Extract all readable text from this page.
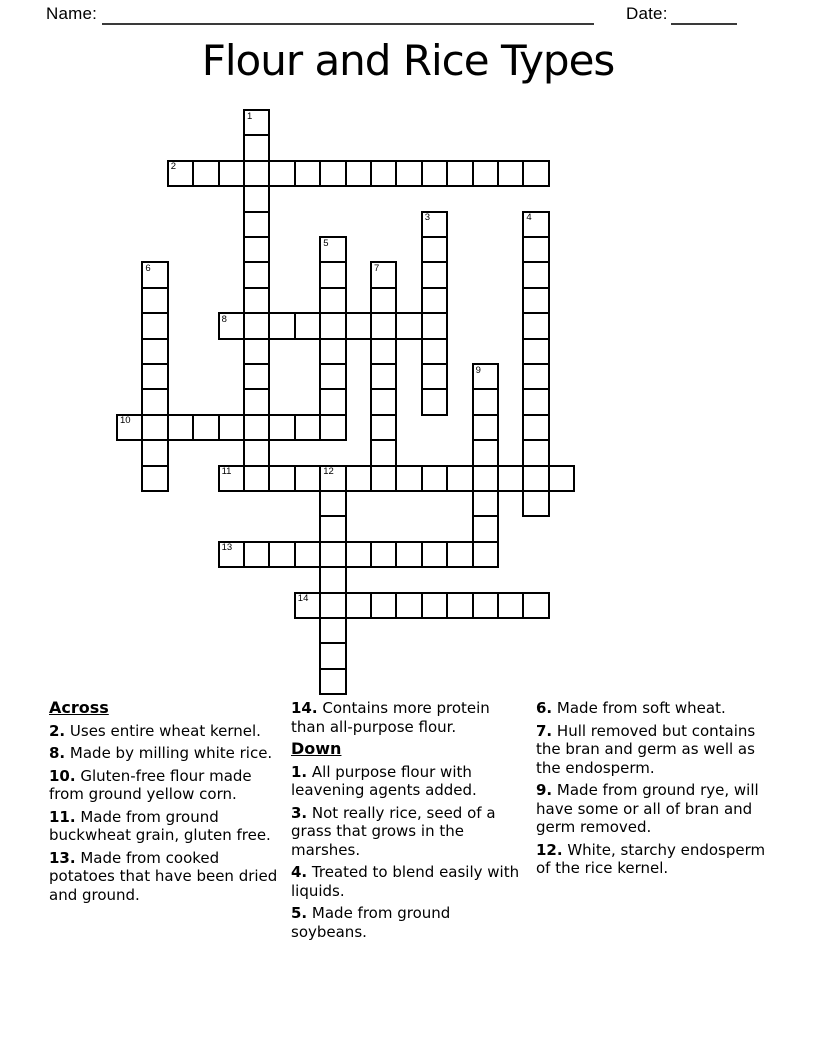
Name:	Date:
Flour and Rice Types
1
2
3	4
5
6	7
8
9
10
11	12
13
14
Across

2. Uses entire wheat kernel.

8. Made by milling white rice.

10. Gluten-free flour made from ground yellow corn.

11. Made from ground buckwheat grain, gluten free.

13. Made from cooked potatoes that have been dried and ground.

14. Contains more protein than all-purpose flour.

Down

1. All purpose flour with leavening agents added.

3. Not really rice, seed of a grass that grows in the marshes.

4. Treated to blend easily with liquids.

5. Made from ground soybeans.

6. Made from soft wheat.

7. Hull removed but contains the bran and germ as well as the endosperm.

9. Made from ground rye, will have some or all of bran and germ removed.

12. White, starchy endosperm of the rice kernel.
